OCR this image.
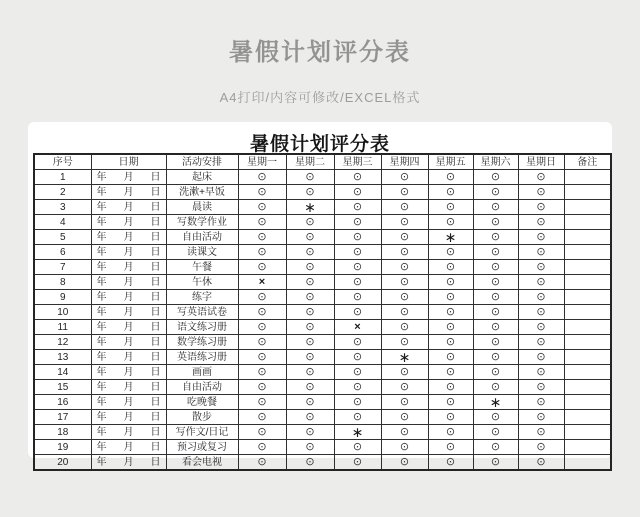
暑假计划评分表
A4打印/内容可修改/EXCEL格式
暑假计划评分表
序号	日期	活动安排	星期一	星期二	星期三	星期四	星期五	星期六	星期日	备注
1	年 月 日	起床	⊙	⊙	⊙	⊙	⊙	⊙	⊙	
2	年 月 日	洗漱+早饭	⊙	⊙	⊙	⊙	⊙	⊙	⊙	
3	年 月 日	晨读	⊙	∗	⊙	⊙	⊙	⊙	⊙	
4	年 月 日	写数学作业	⊙	⊙	⊙	⊙	⊙	⊙	⊙	
5	年 月 日	自由活动	⊙	⊙	⊙	⊙	∗	⊙	⊙	
6	年 月 日	读课文	⊙	⊙	⊙	⊙	⊙	⊙	⊙	
7	年 月 日	午餐	⊙	⊙	⊙	⊙	⊙	⊙	⊙	
8	年 月 日	午休	×	⊙	⊙	⊙	⊙	⊙	⊙	
9	年 月 日	练字	⊙	⊙	⊙	⊙	⊙	⊙	⊙	
10	年 月 日	写英语试卷	⊙	⊙	⊙	⊙	⊙	⊙	⊙	
11	年 月 日	语文练习册	⊙	⊙	×	⊙	⊙	⊙	⊙	
12	年 月 日	数学练习册	⊙	⊙	⊙	⊙	⊙	⊙	⊙	
13	年 月 日	英语练习册	⊙	⊙	⊙	∗	⊙	⊙	⊙	
14	年 月 日	画画	⊙	⊙	⊙	⊙	⊙	⊙	⊙	
15	年 月 日	自由活动	⊙	⊙	⊙	⊙	⊙	⊙	⊙	
16	年 月 日	吃晚餐	⊙	⊙	⊙	⊙	⊙	∗	⊙	
17	年 月 日	散步	⊙	⊙	⊙	⊙	⊙	⊙	⊙	
18	年 月 日	写作文/日记	⊙	⊙	∗	⊙	⊙	⊙	⊙	
19	年 月 日	预习或复习	⊙	⊙	⊙	⊙	⊙	⊙	⊙	
20	年 月 日	看会电视	⊙	⊙	⊙	⊙	⊙	⊙	⊙	
